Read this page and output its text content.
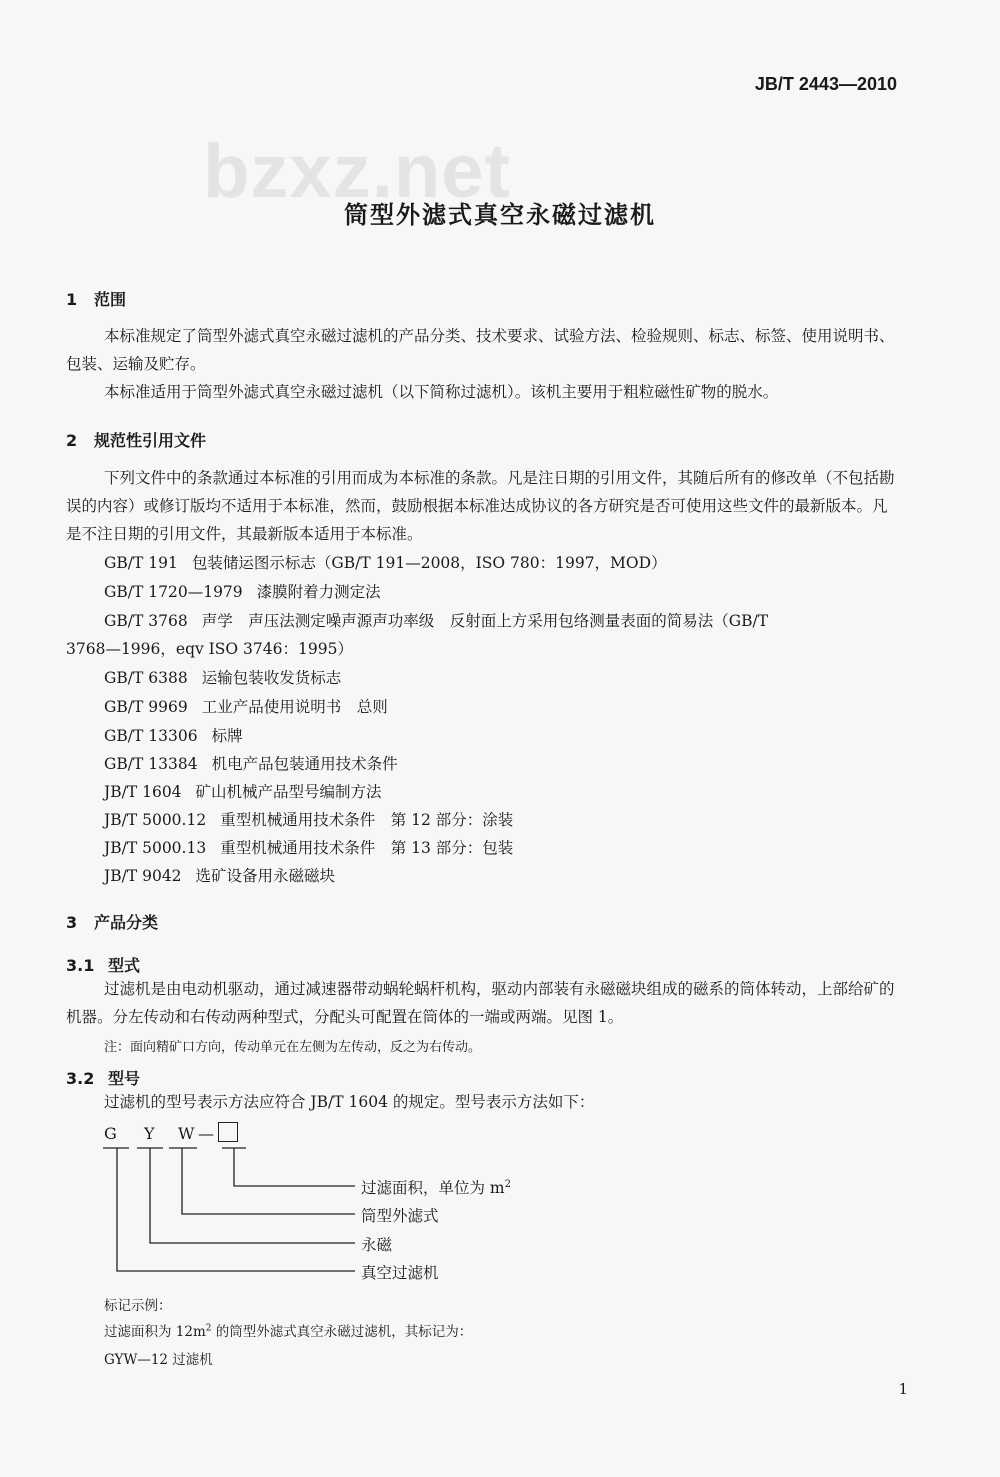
JB/T 2443—2010
bzxz.net
筒型外滤式真空永磁过滤机
1 范围
本标准规定了筒型外滤式真空永磁过滤机的产品分类、技术要求、试验方法、检验规则、标志、标签、使用说明书、包装、运输及贮存。
本标准适用于筒型外滤式真空永磁过滤机（以下简称过滤机）。该机主要用于粗粒磁性矿物的脱水。
2 规范性引用文件
下列文件中的条款通过本标准的引用而成为本标准的条款。凡是注日期的引用文件，其随后所有的修改单（不包括勘误的内容）或修订版均不适用于本标准，然而，鼓励根据本标准达成协议的各方研究是否可使用这些文件的最新版本。凡是不注日期的引用文件，其最新版本适用于本标准。
GB/T 191 包装储运图示标志（GB/T 191—2008，ISO 780：1997，MOD）
GB/T 1720—1979 漆膜附着力测定法
GB/T 3768 声学　声压法测定噪声源声功率级　反射面上方采用包络测量表面的简易法（GB/T
3768—1996，eqv ISO 3746：1995）
GB/T 6388 运输包装收发货标志
GB/T 9969 工业产品使用说明书　总则
GB/T 13306 标牌
GB/T 13384 机电产品包装通用技术条件
JB/T 1604 矿山机械产品型号编制方法
JB/T 5000.12 重型机械通用技术条件　第 12 部分：涂装
JB/T 5000.13 重型机械通用技术条件　第 13 部分：包装
JB/T 9042 选矿设备用永磁磁块
3 产品分类
3.1 型式
过滤机是由电动机驱动，通过减速器带动蜗轮蜗杆机构，驱动内部装有永磁磁块组成的磁系的筒体转动，上部给矿的机器。分左传动和右传动两种型式，分配头可配置在筒体的一端或两端。见图 1。
注：面向精矿口方向，传动单元在左侧为左传动，反之为右传动。
3.2 型号
过滤机的型号表示方法应符合 JB/T 1604 的规定。型号表示方法如下：
G Y W —
过滤面积，单位为 $m^2$
筒型外滤式
永磁
真空过滤机
标记示例：
过滤面积为 $12m^2$ 的筒型外滤式真空永磁过滤机，其标记为：
GYW—12 过滤机
1
